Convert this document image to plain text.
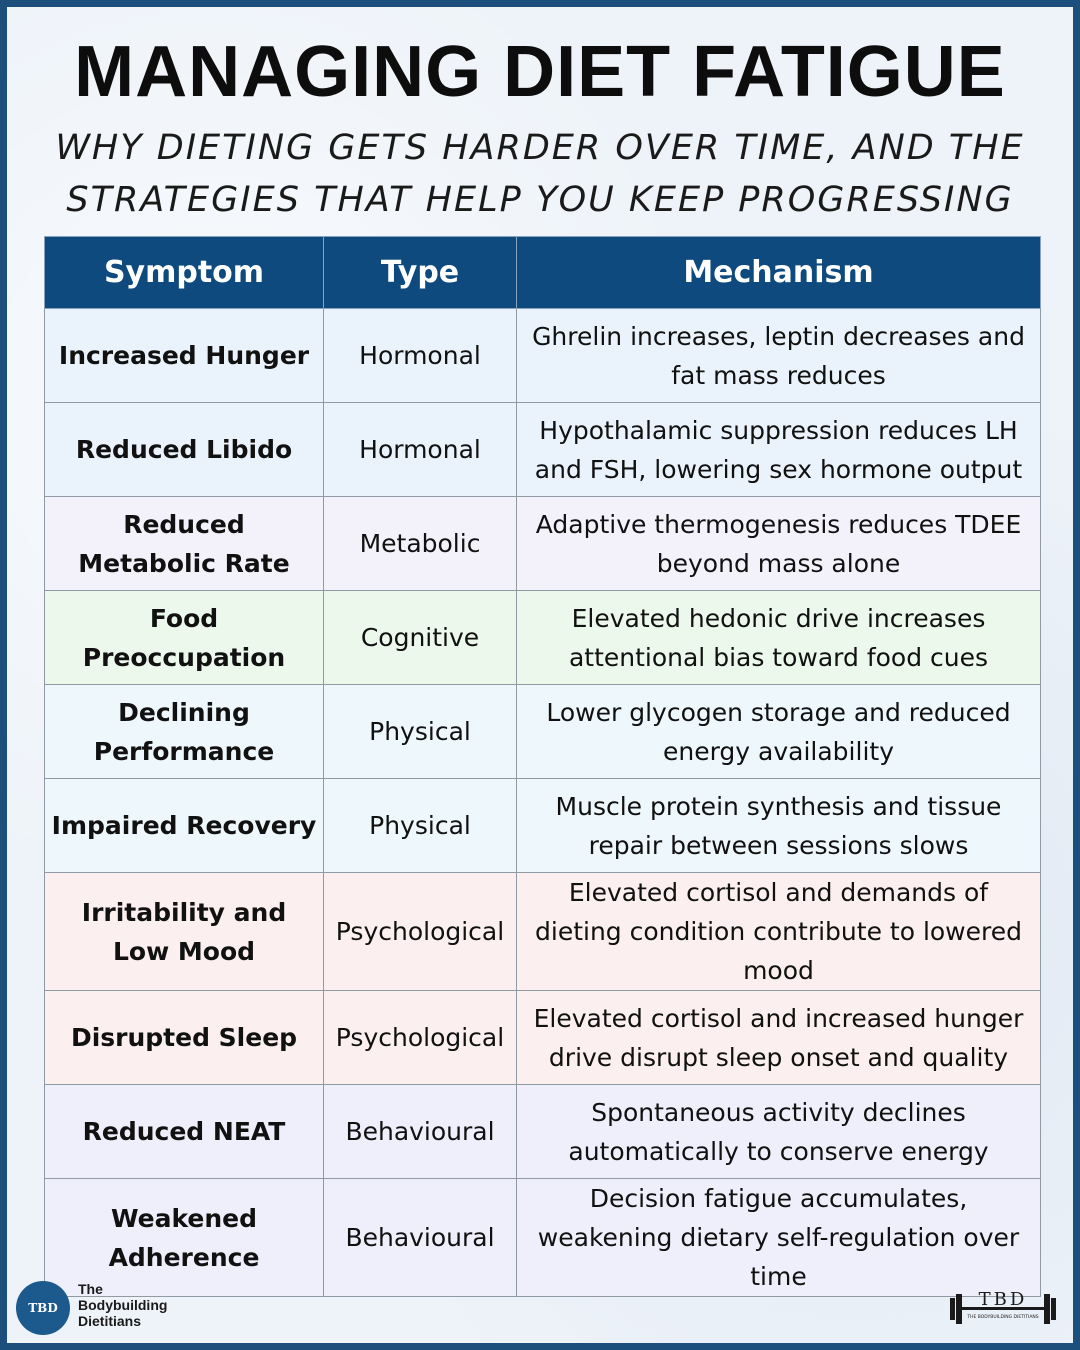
MANAGING DIET FATIGUE
WHY DIETING GETS HARDER OVER TIME, AND THE
STRATEGIES THAT HELP YOU KEEP PROGRESSING
Symptom	Type	Mechanism
Increased Hunger	Hormonal	Ghrelin increases, leptin decreases and fat mass reduces
Reduced Libido	Hormonal	Hypothalamic suppression reduces LH and FSH, lowering sex hormone output
Reduced Metabolic Rate	Metabolic	Adaptive thermogenesis reduces TDEE beyond mass alone
Food Preoccupation	Cognitive	Elevated hedonic drive increases attentional bias toward food cues
Declining Performance	Physical	Lower glycogen storage and reduced energy availability
Impaired Recovery	Physical	Muscle protein synthesis and tissue repair between sessions slows
Irritability and Low Mood	Psychological	Elevated cortisol and demands of dieting condition contribute to lowered mood
Disrupted Sleep	Psychological	Elevated cortisol and increased hunger drive disrupt sleep onset and quality
Reduced NEAT	Behavioural	Spontaneous activity declines automatically to conserve energy
Weakened Adherence	Behavioural	Decision fatigue accumulates, weakening dietary self-regulation over time
TBD
The
Bodybuilding
Dietitians
TBD
THE BODYBUILDING DIETITIANS
